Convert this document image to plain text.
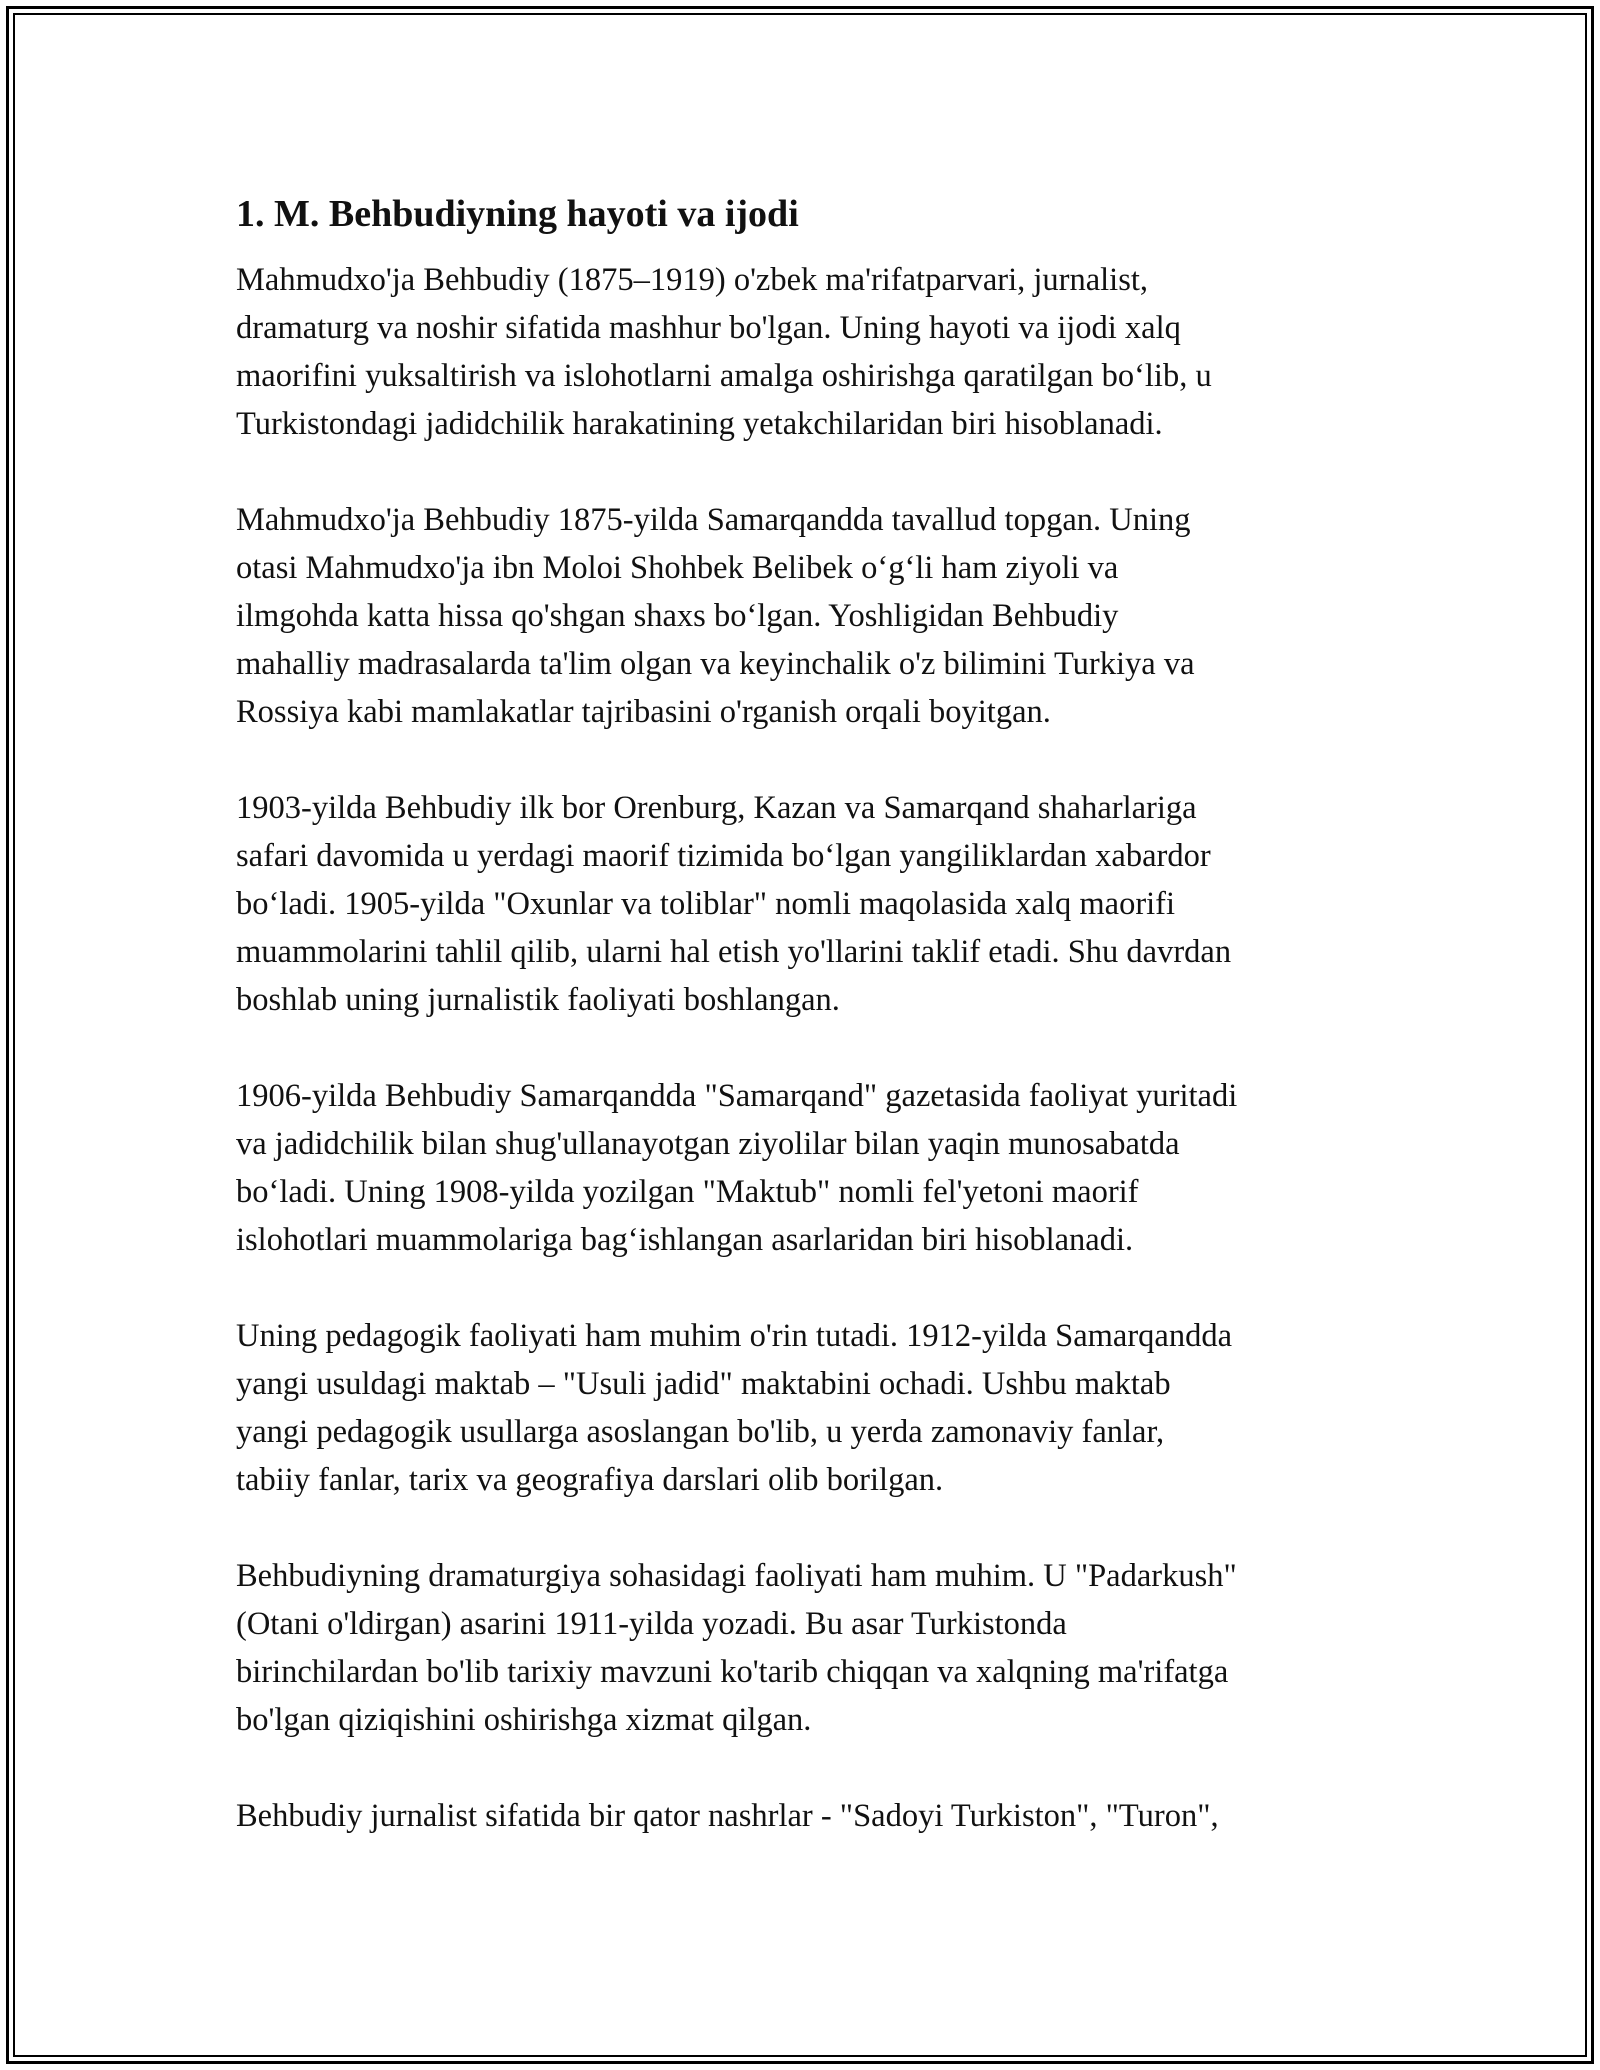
1. M. Behbudiyning hayoti va ijodi
Mahmudxo'ja Behbudiy (1875–1919) o'zbek ma'rifatparvari, jurnalist,
dramaturg va noshir sifatida mashhur bo'lgan. Uning hayoti va ijodi xalq
maorifini yuksaltirish va islohotlarni amalga oshirishga qaratilgan bo‘lib, u
Turkistondagi jadidchilik harakatining yetakchilaridan biri hisoblanadi.
Mahmudxo'ja Behbudiy 1875-yilda Samarqandda tavallud topgan. Uning
otasi Mahmudxo'ja ibn Moloi Shohbek Belibek o‘g‘li ham ziyoli va
ilmgohda katta hissa qo'shgan shaxs bo‘lgan. Yoshligidan Behbudiy
mahalliy madrasalarda ta'lim olgan va keyinchalik o'z bilimini Turkiya va
Rossiya kabi mamlakatlar tajribasini o'rganish orqali boyitgan.
1903-yilda Behbudiy ilk bor Orenburg, Kazan va Samarqand shaharlariga
safari davomida u yerdagi maorif tizimida bo‘lgan yangiliklardan xabardor
bo‘ladi. 1905-yilda "Oxunlar va toliblar" nomli maqolasida xalq maorifi
muammolarini tahlil qilib, ularni hal etish yo'llarini taklif etadi. Shu davrdan
boshlab uning jurnalistik faoliyati boshlangan.
1906-yilda Behbudiy Samarqandda "Samarqand" gazetasida faoliyat yuritadi
va jadidchilik bilan shug'ullanayotgan ziyolilar bilan yaqin munosabatda
bo‘ladi. Uning 1908-yilda yozilgan "Maktub" nomli fel'yetoni maorif
islohotlari muammolariga bag‘ishlangan asarlaridan biri hisoblanadi.
Uning pedagogik faoliyati ham muhim o'rin tutadi. 1912-yilda Samarqandda
yangi usuldagi maktab – "Usuli jadid" maktabini ochadi. Ushbu maktab
yangi pedagogik usullarga asoslangan bo'lib, u yerda zamonaviy fanlar,
tabiiy fanlar, tarix va geografiya darslari olib borilgan.
Behbudiyning dramaturgiya sohasidagi faoliyati ham muhim. U "Padarkush"
(Otani o'ldirgan) asarini 1911-yilda yozadi. Bu asar Turkistonda
birinchilardan bo'lib tarixiy mavzuni ko'tarib chiqqan va xalqning ma'rifatga
bo'lgan qiziqishini oshirishga xizmat qilgan.
Behbudiy jurnalist sifatida bir qator nashrlar - "Sadoyi Turkiston", "Turon",
